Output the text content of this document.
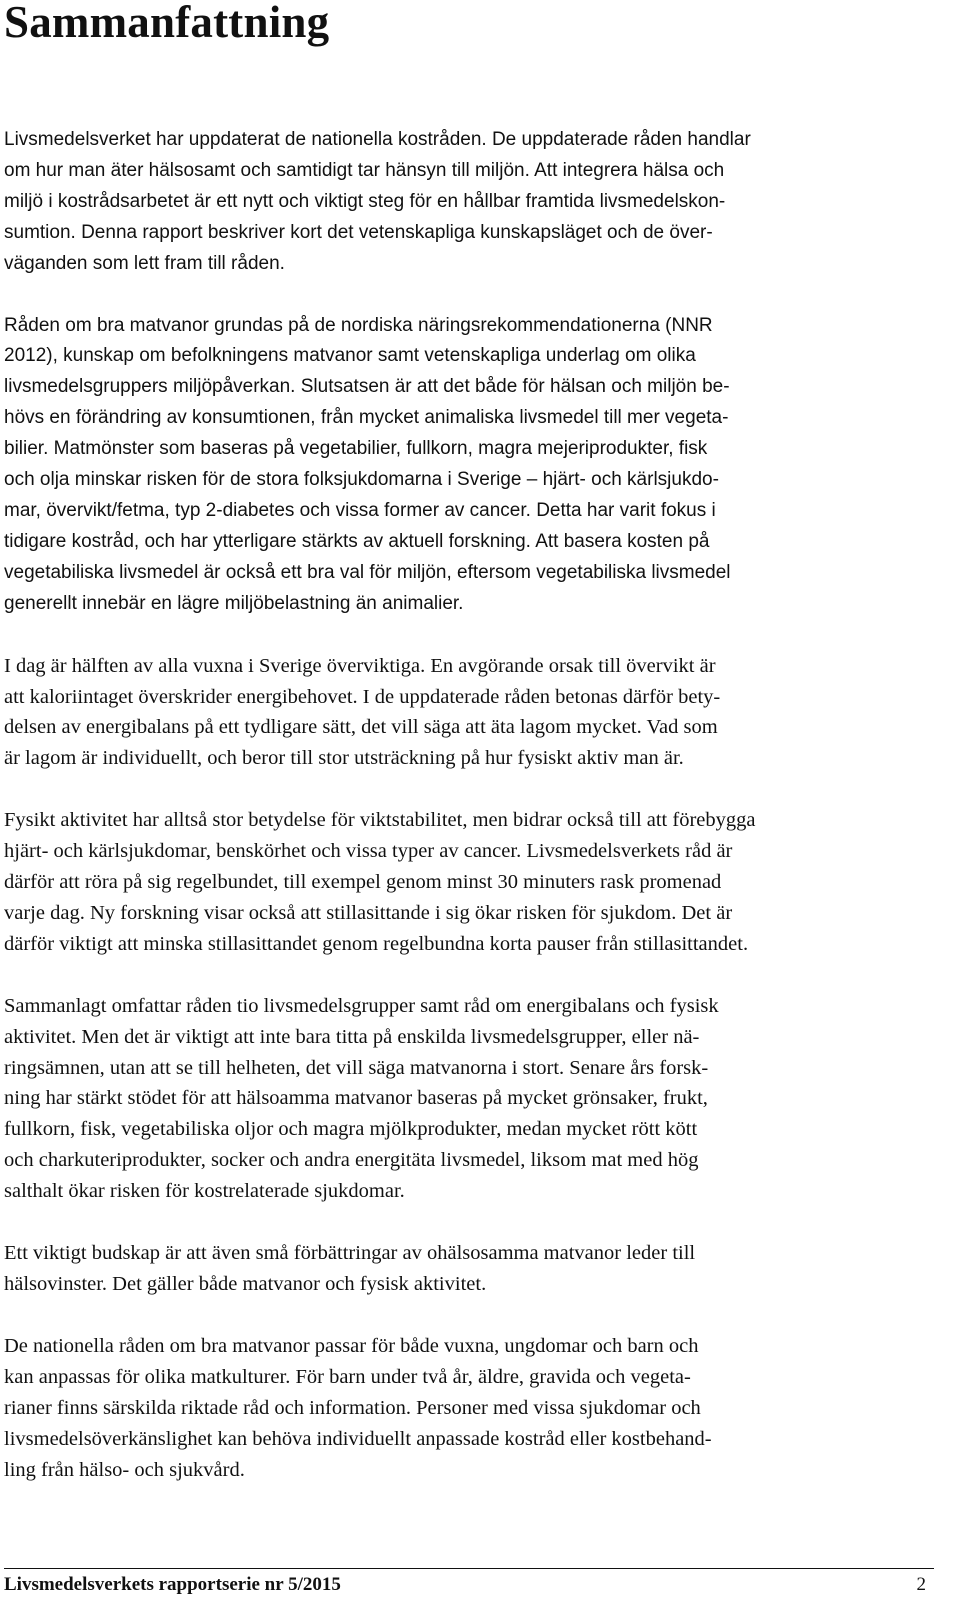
Sammanfattning

Livsmedelsverket har uppdaterat de nationella kostråden. De uppdaterade råden handlar
om hur man äter hälsosamt och samtidigt tar hänsyn till miljön. Att integrera hälsa och
miljö i kostrådsarbetet är ett nytt och viktigt steg för en hållbar framtida livsmedelskon-
sumtion. Denna rapport beskriver kort det vetenskapliga kunskapsläget och de över-
väganden som lett fram till råden.

Råden om bra matvanor grundas på de nordiska näringsrekommendationerna (NNR
2012), kunskap om befolkningens matvanor samt vetenskapliga underlag om olika
livsmedelsgruppers miljöpåverkan. Slutsatsen är att det både för hälsan och miljön be-
hövs en förändring av konsumtionen, från mycket animaliska livsmedel till mer vegeta-
bilier. Matmönster som baseras på vegetabilier, fullkorn, magra mejeriprodukter, fisk
och olja minskar risken för de stora folksjukdomarna i Sverige – hjärt- och kärlsjukdo-
mar, övervikt/fetma, typ 2-diabetes och vissa former av cancer. Detta har varit fokus i
tidigare kostråd, och har ytterligare stärkts av aktuell forskning. Att basera kosten på
vegetabiliska livsmedel är också ett bra val för miljön, eftersom vegetabiliska livsmedel
generellt innebär en lägre miljöbelastning än animalier.

I dag är hälften av alla vuxna i Sverige överviktiga. En avgörande orsak till övervikt är
att kaloriintaget överskrider energibehovet. I de uppdaterade råden betonas därför bety-
delsen av energibalans på ett tydligare sätt, det vill säga att äta lagom mycket. Vad som
är lagom är individuellt, och beror till stor utsträckning på hur fysiskt aktiv man är.

Fysikt aktivitet har alltså stor betydelse för viktstabilitet, men bidrar också till att förebygga
hjärt- och kärlsjukdomar, benskörhet och vissa typer av cancer. Livsmedelsverkets råd är
därför att röra på sig regelbundet, till exempel genom minst 30 minuters rask promenad
varje dag. Ny forskning visar också att stillasittande i sig ökar risken för sjukdom. Det är
därför viktigt att minska stillasittandet genom regelbundna korta pauser från stillasittandet.

Sammanlagt omfattar råden tio livsmedelsgrupper samt råd om energibalans och fysisk
aktivitet. Men det är viktigt att inte bara titta på enskilda livsmedelsgrupper, eller nä-
ringsämnen, utan att se till helheten, det vill säga matvanorna i stort. Senare års forsk-
ning har stärkt stödet för att hälsoamma matvanor baseras på mycket grönsaker, frukt,
fullkorn, fisk, vegetabiliska oljor och magra mjölkprodukter, medan mycket rött kött
och charkuteriprodukter, socker och andra energitäta livsmedel, liksom mat med hög
salthalt ökar risken för kostrelaterade sjukdomar.

Ett viktigt budskap är att även små förbättringar av ohälsosamma matvanor leder till
hälsovinster. Det gäller både matvanor och fysisk aktivitet.

De nationella råden om bra matvanor passar för både vuxna, ungdomar och barn och
kan anpassas för olika matkulturer. För barn under två år, äldre, gravida och vegeta-
rianer finns särskilda riktade råd och information. Personer med vissa sjukdomar och
livsmedelsöverkänslighet kan behöva individuellt anpassade kostråd eller kostbehand-
ling från hälso- och sjukvård.

Livsmedelsverkets rapportserie nr 5/2015	2
